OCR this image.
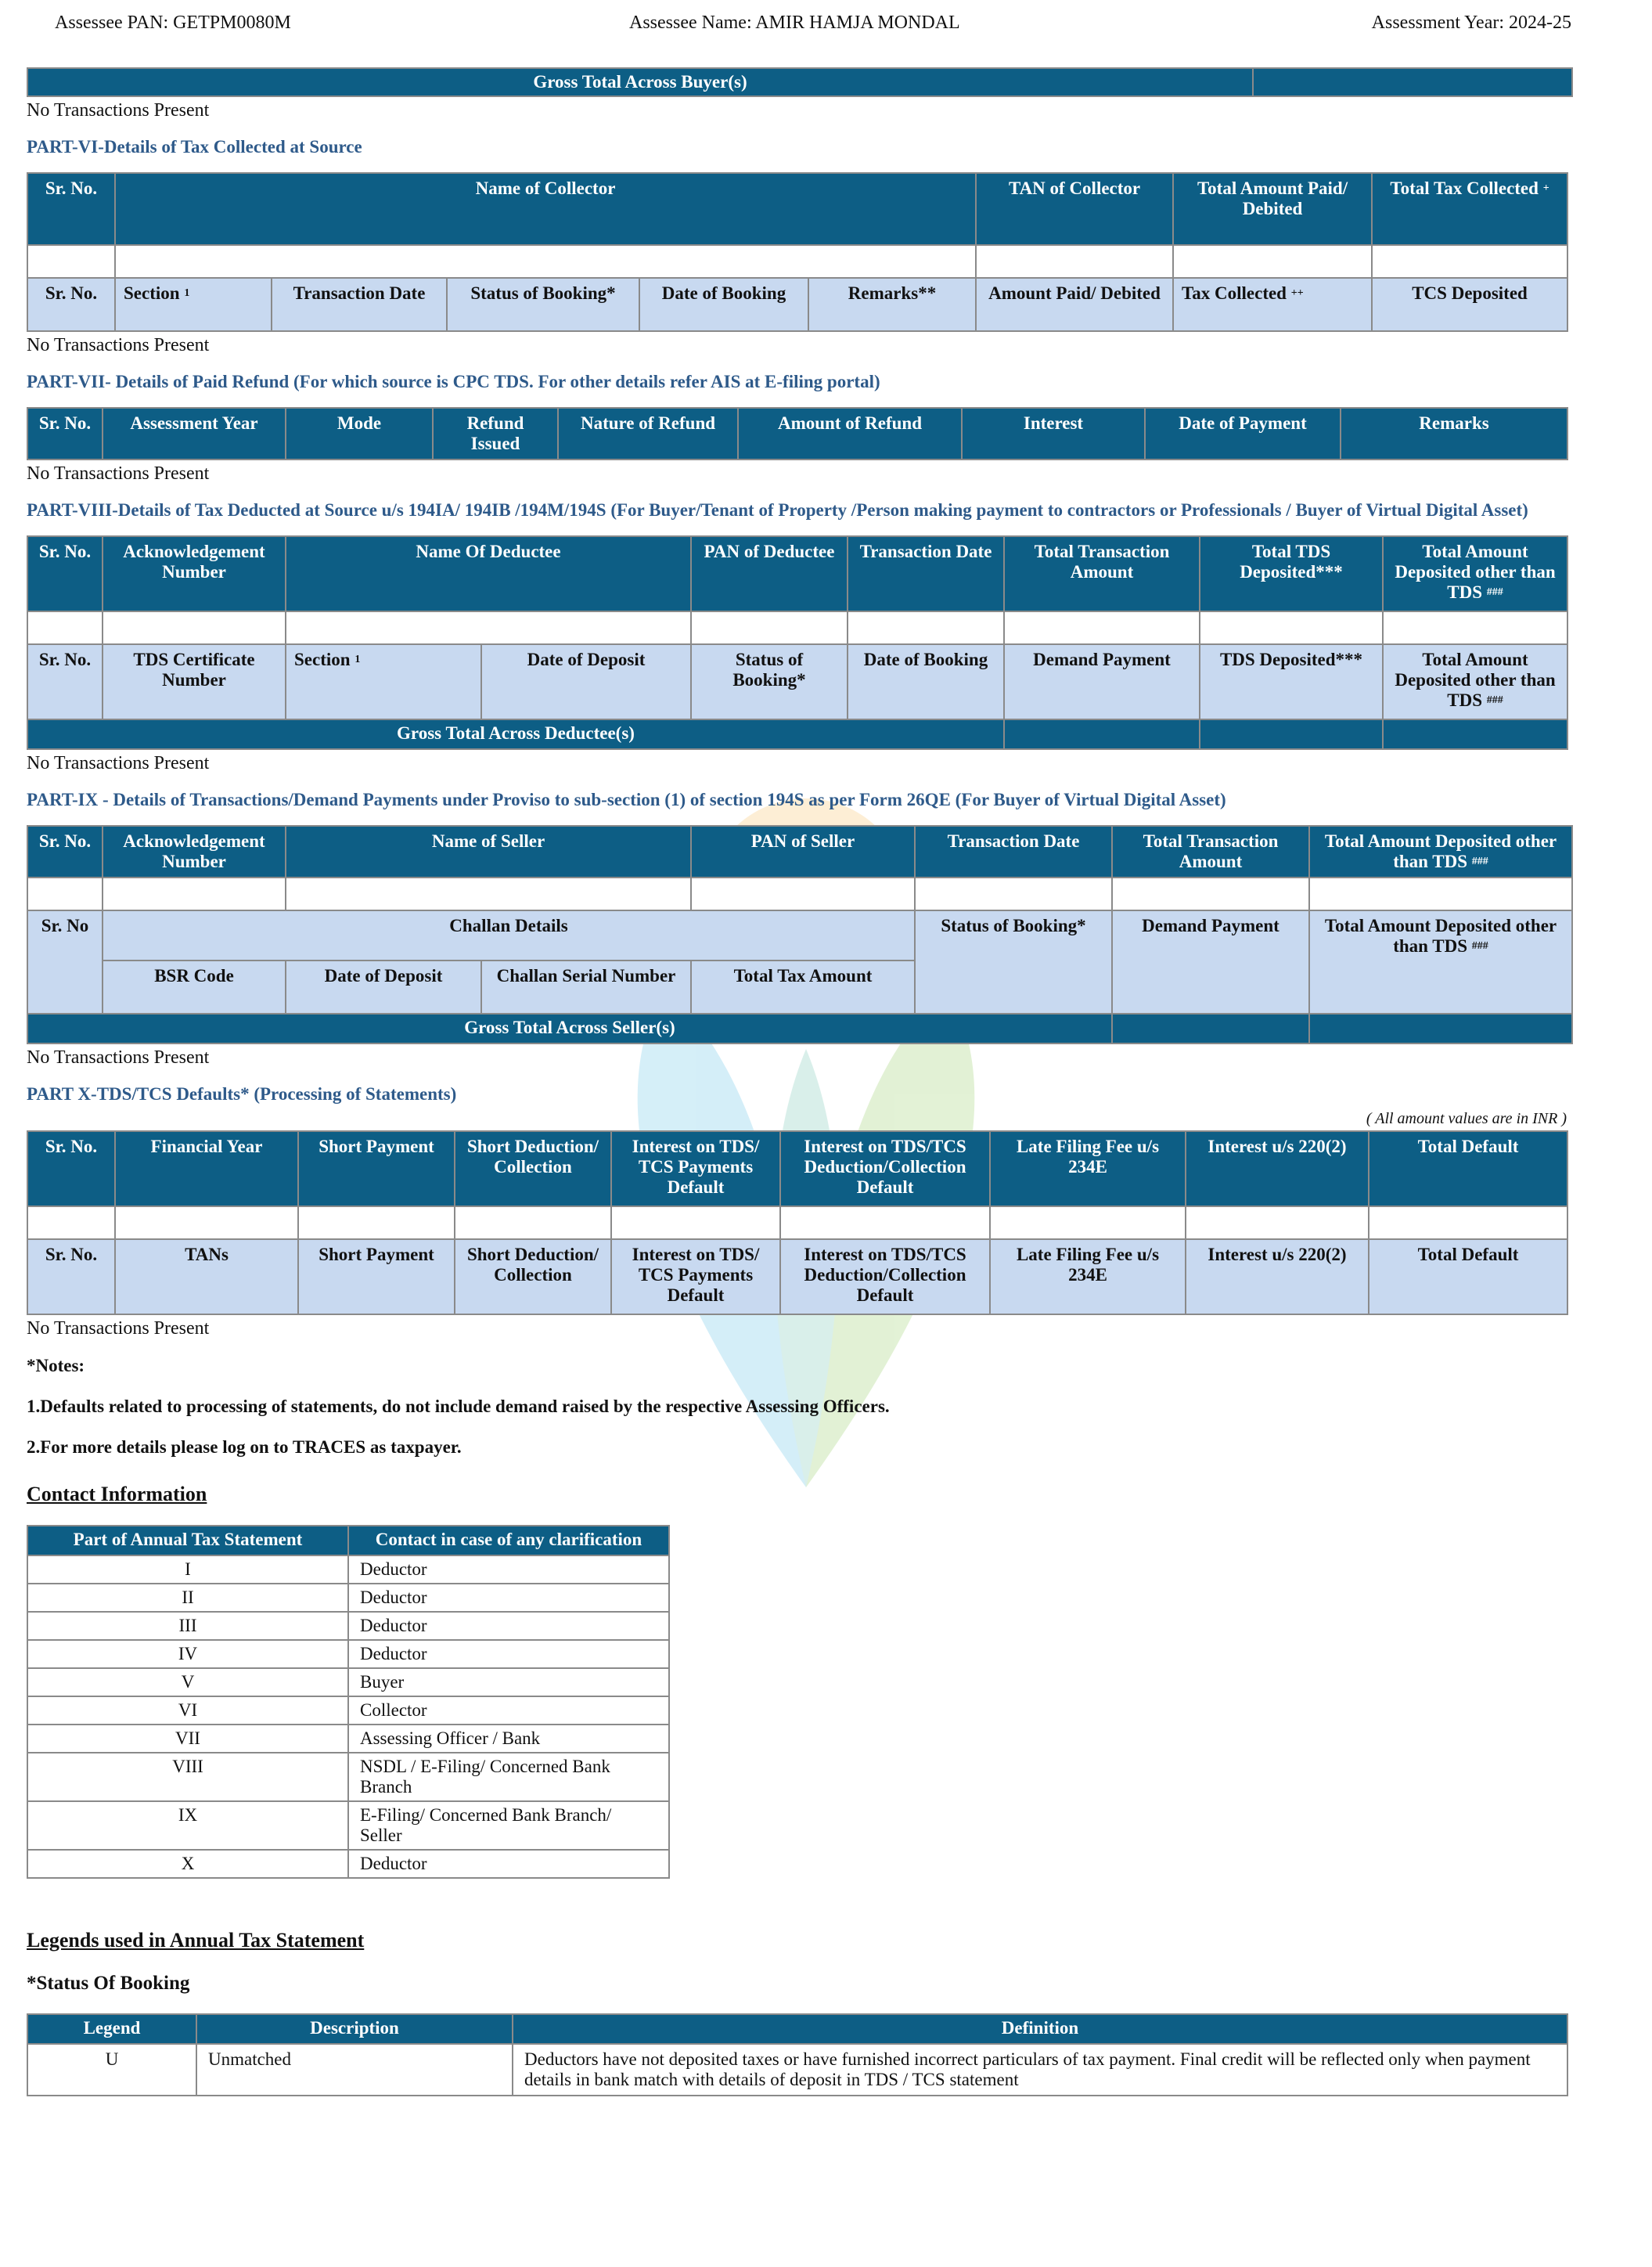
Assessee PAN: GETPM0080M	Assessee Name: AMIR HAMJA MONDAL	Assessment Year: 2024-25
Gross Total Across Buyer(s)	
No Transactions Present
PART-VI-Details of Tax Collected at Source
Sr. No.	Name of Collector					TAN of Collector	Total Amount Paid/ Debited	Total Tax Collected +	Total TCS Deposited

Sr. No.	Section $^1$	Transaction Date	Status of Booking*	Date of Booking	Remarks**	Amount Paid/ Debited	Tax Collected ++	TCS Deposited	
No Transactions Present
PART-VII- Details of Paid Refund (For which source is CPC TDS. For other details refer AIS at E-filing portal)
Sr. No.	Assessment Year	Mode	Refund Issued	Nature of Refund	Amount of Refund	Interest	Date of Payment	Remarks
No Transactions Present
PART-VIII-Details of Tax Deducted at Source u/s 194IA/ 194IB /194M/194S (For Buyer/Tenant of Property /Person making payment to contractors or Professionals / Buyer of Virtual Digital Asset)
Sr. No.	Acknowledgement Number	Name Of Deductee		PAN of Deductee	Transaction Date	Total Transaction Amount	Total TDS Deposited***	Total Amount Deposited other than TDS ###

Sr. No.	TDS Certificate Number	Section $^1$	Date of Deposit	Status of Booking*	Date of Booking	Demand Payment	TDS Deposited***	Total Amount Deposited other than TDS ###
Gross Total Across Deductee(s)								
No Transactions Present
PART-IX - Details of Transactions/Demand Payments under Proviso to sub-section (1) of section 194S as per Form 26QE (For Buyer of Virtual Digital Asset)
Sr. No.	Acknowledgement Number	Name of Seller		PAN of Seller	Transaction Date	Total Transaction Amount	Total Amount Deposited other than TDS ###

Sr. No	Challan Details				Status of Booking*	Demand Payment	Total Amount Deposited other than TDS ###
	BSR Code	Date of Deposit	Challan Serial Number	Total Tax Amount			
Gross Total Across Seller(s)							
No Transactions Present
PART X-TDS/TCS Defaults* (Processing of Statements)
( All amount values are in INR )
Sr. No.	Financial Year	Short Payment	Short Deduction/ Collection	Interest on TDS/ TCS Payments Default	Interest on TDS/TCS Deduction/Collection Default	Late Filing Fee u/s 234E	Interest u/s 220(2)	Total Default

Sr. No.	TANs	Short Payment	Short Deduction/ Collection	Interest on TDS/ TCS Payments Default	Interest on TDS/TCS Deduction/Collection Default	Late Filing Fee u/s 234E	Interest u/s 220(2)	Total Default
No Transactions Present
*Notes:
1.Defaults related to processing of statements, do not include demand raised by the respective Assessing Officers.
2.For more details please log on to TRACES as taxpayer.
Contact Information
Part of Annual Tax Statement	Contact in case of any clarification
I	Deductor
II	Deductor
III	Deductor
IV	Deductor
V	Buyer
VI	Collector
VII	Assessing Officer / Bank
VIII	NSDL / E-Filing/ Concerned Bank Branch
IX	E-Filing/ Concerned Bank Branch/ Seller
X	Deductor
Legends used in Annual Tax Statement
*Status Of Booking
Legend	Description	Definition
U	Unmatched	Deductors have not deposited taxes or have furnished incorrect particulars of tax payment. Final credit will be reflected only when payment details in bank match with details of deposit in TDS / TCS statement
